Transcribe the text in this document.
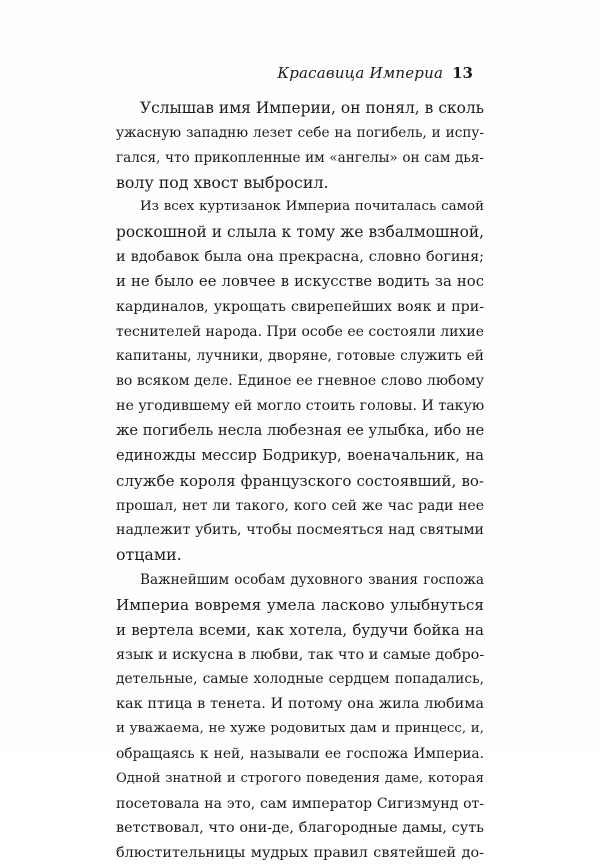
Красавица Империа 13
Услышав имя Империи, он понял, в сколь
ужасную западню лезет себе на погибель, и испу-
гался, что прикопленные им «ангелы» он сам дья-
волу под хвост выбросил.
Из всех куртизанок Империа почиталась самой
роскошной и слыла к тому же взбалмошной,
и вдобавок была она прекрасна, словно богиня;
и не было ее ловчее в искусстве водить за нос
кардиналов, укрощать свирепейших вояк и при-
теснителей народа. При особе ее состояли лихие
капитаны, лучники, дворяне, готовые служить ей
во всяком деле. Единое ее гневное слово любому
не угодившему ей могло стоить головы. И такую
же погибель несла любезная ее улыбка, ибо не
единожды мессир Бодрикур, военачальник, на
службе короля французского состоявший, во-
прошал, нет ли такого, кого сей же час ради нее
надлежит убить, чтобы посмеяться над святыми
отцами.
Важнейшим особам духовного звания госпожа
Империа вовремя умела ласково улыбнуться
и вертела всеми, как хотела, будучи бойка на
язык и искусна в любви, так что и самые добро-
детельные, самые холодные сердцем попадались,
как птица в тенета. И потому она жила любима
и уважаема, не хуже родовитых дам и принцесс, и,
обращаясь к ней, называли ее госпожа Империа.
Одной знатной и строгого поведения даме, которая
посетовала на это, сам император Сигизмунд от-
ветствовал, что они-де, благородные дамы, суть
блюстительницы мудрых правил святейшей до-
